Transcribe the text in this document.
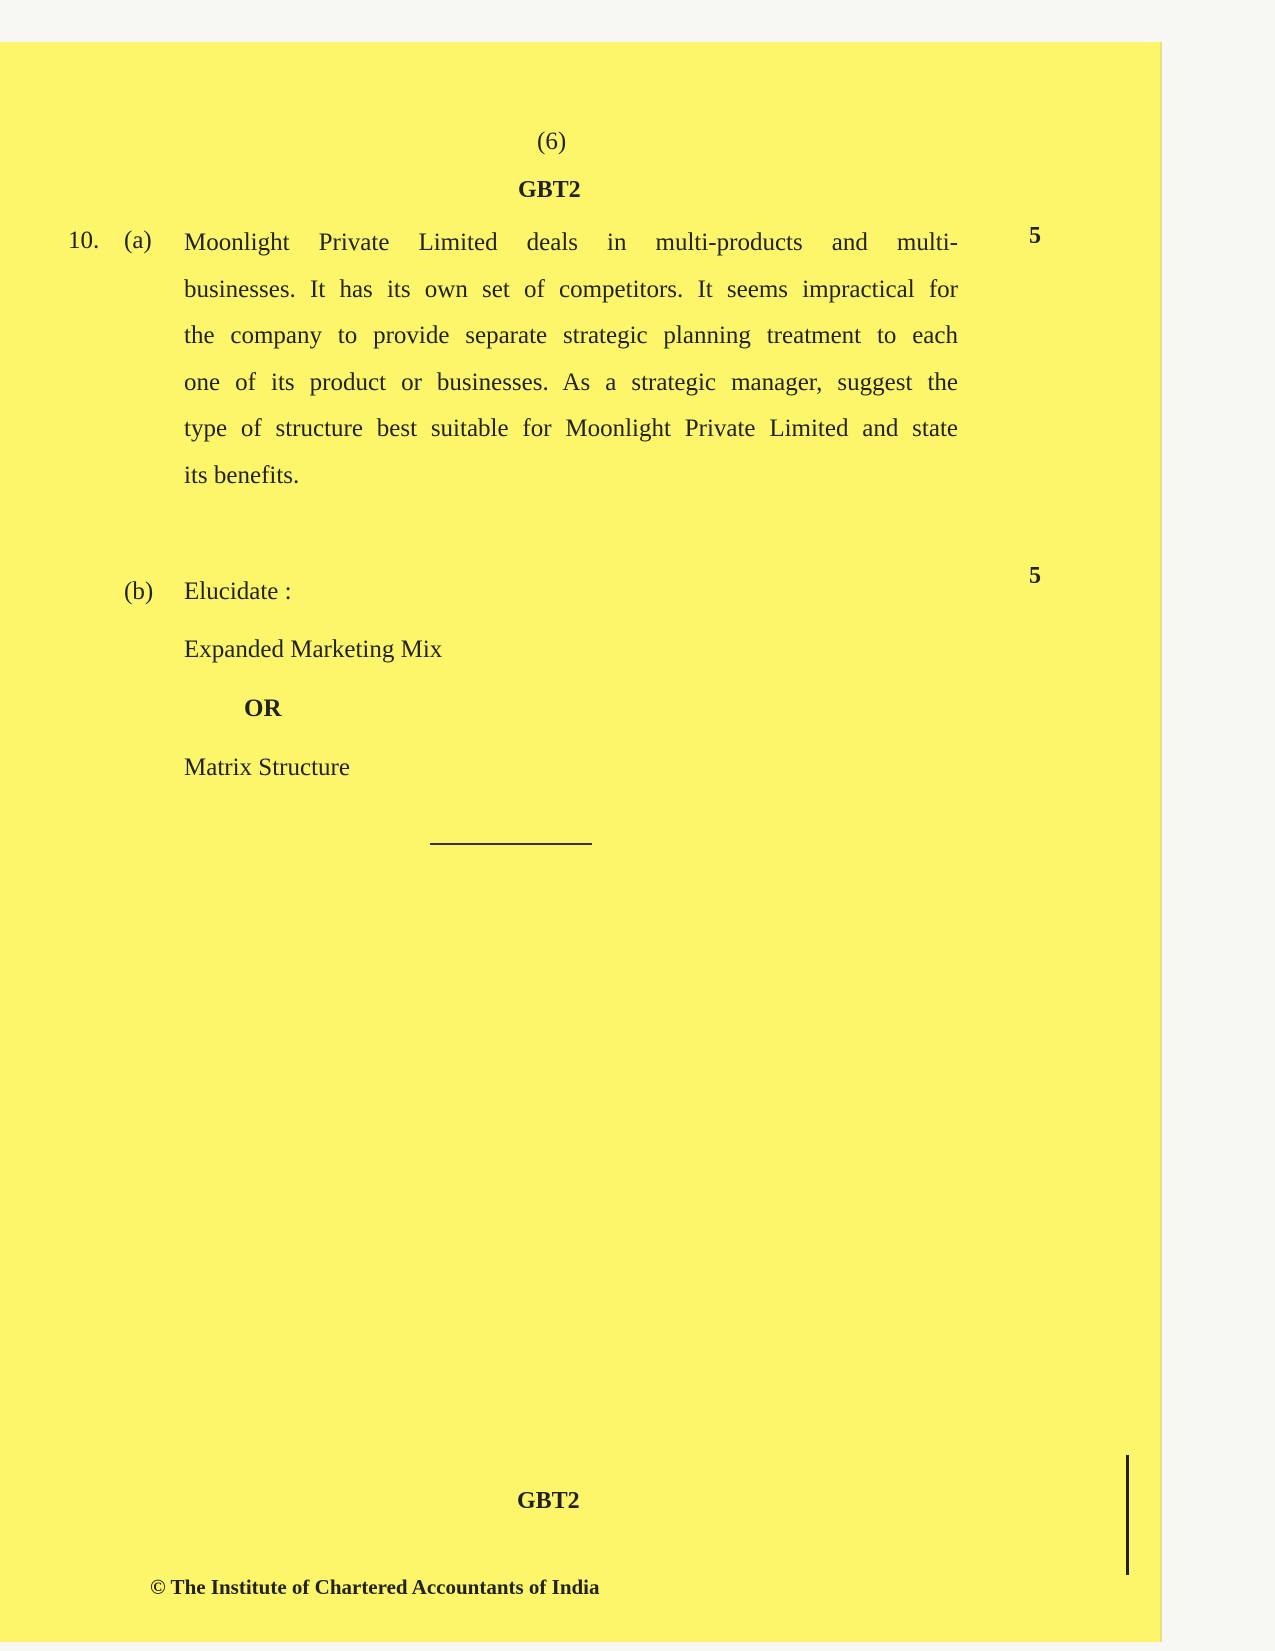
(6)
GBT2
10. (a)	5
Moonlight Private Limited deals in multi-products and multi-
businesses. It has its own set of competitors. It seems impractical for
the company to provide separate strategic planning treatment to each
one of its product or businesses. As a strategic manager, suggest the
type of structure best suitable for Moonlight Private Limited and state
its benefits.
(b)
5
Elucidate :
Expanded Marketing Mix
OR
Matrix Structure
GBT2
© The Institute of Chartered Accountants of India
